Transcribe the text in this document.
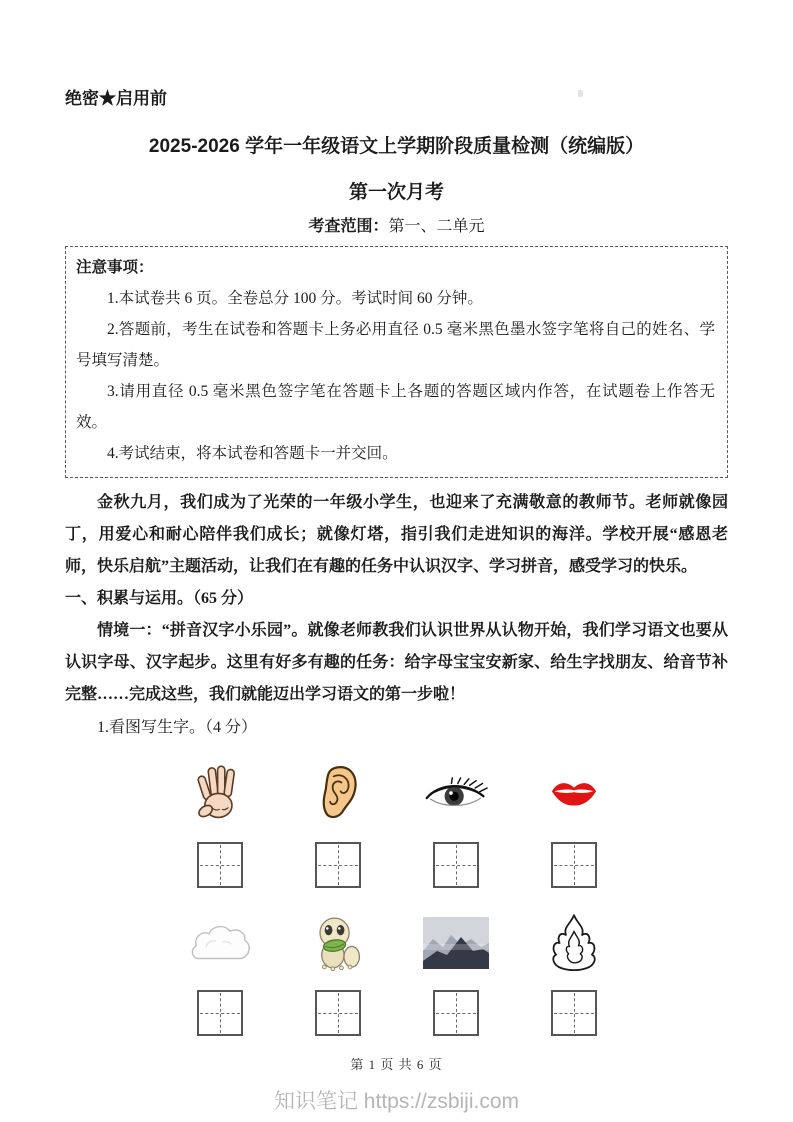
绝密★启用前
2025-2026 学年一年级语文上学期阶段质量检测（统编版）
第一次月考
考查范围：第一、二单元
注意事项：

1.本试卷共 6 页。全卷总分 100 分。考试时间 60 分钟。

2.答题前，考生在试卷和答题卡上务必用直径 0.5 毫米黑色墨水签字笔将自己的姓名、学号填写清楚。

3.请用直径 0.5 毫米黑色签字笔在答题卡上各题的答题区域内作答，在试题卷上作答无效。

4.考试结束，将本试卷和答题卡一并交回。

金秋九月，我们成为了光荣的一年级小学生，也迎来了充满敬意的教师节。老师就像园丁，用爱心和耐心陪伴我们成长；就像灯塔，指引我们走进知识的海洋。学校开展“感恩老师，快乐启航”主题活动，让我们在有趣的任务中认识汉字、学习拼音，感受学习的快乐。

一、积累与运用。（65 分）

情境一：“拼音汉字小乐园”。就像老师教我们认识世界从认物开始，我们学习语文也要从认识字母、汉字起步。这里有好多有趣的任务：给字母宝宝安新家、给生字找朋友、给音节补完整……完成这些，我们就能迈出学习语文的第一步啦！

1.看图写生字。（4 分）
第 1 页 共 6 页
知识笔记 https://zsbiji.com
